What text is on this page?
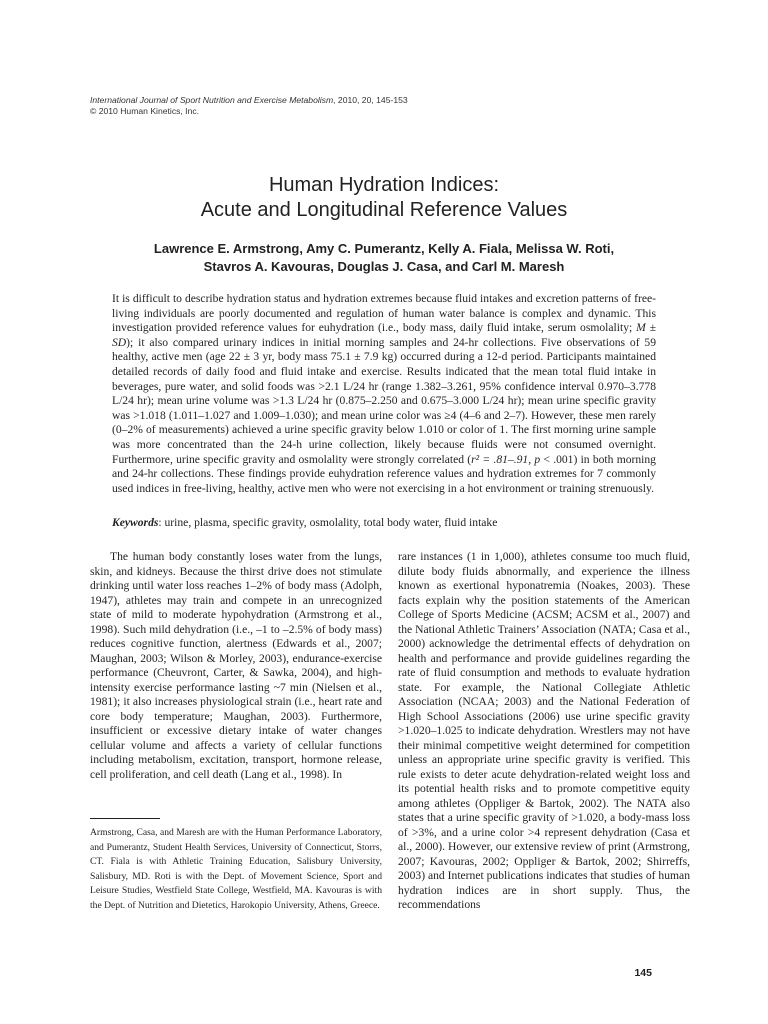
International Journal of Sport Nutrition and Exercise Metabolism, 2010, 20, 145-153
© 2010 Human Kinetics, Inc.
Human Hydration Indices:
Acute and Longitudinal Reference Values
Lawrence E. Armstrong, Amy C. Pumerantz, Kelly A. Fiala, Melissa W. Roti,
Stavros A. Kavouras, Douglas J. Casa, and Carl M. Maresh
It is difficult to describe hydration status and hydration extremes because fluid intakes and excretion patterns of free-living individuals are poorly documented and regulation of human water balance is complex and dynamic. This investigation provided reference values for euhydration (i.e., body mass, daily fluid intake, serum osmolality; M ± SD); it also compared urinary indices in initial morning samples and 24-hr collections. Five observations of 59 healthy, active men (age 22 ± 3 yr, body mass 75.1 ± 7.9 kg) occurred during a 12-d period. Participants maintained detailed records of daily food and fluid intake and exercise. Results indicated that the mean total fluid intake in beverages, pure water, and solid foods was >2.1 L/24 hr (range 1.382–3.261, 95% confidence interval 0.970–3.778 L/24 hr); mean urine volume was >1.3 L/24 hr (0.875–2.250 and 0.675–3.000 L/24 hr); mean urine specific gravity was >1.018 (1.011–1.027 and 1.009–1.030); and mean urine color was ≥4 (4–6 and 2–7). However, these men rarely (0–2% of measurements) achieved a urine specific gravity below 1.010 or color of 1. The first morning urine sample was more concentrated than the 24-h urine collection, likely because fluids were not consumed overnight. Furthermore, urine specific gravity and osmolality were strongly correlated (r² = .81–.91, p < .001) in both morning and 24-hr collections. These findings provide euhydration reference values and hydration extremes for 7 commonly used indices in free-living, healthy, active men who were not exercising in a hot environment or training strenuously.
Keywords: urine, plasma, specific gravity, osmolality, total body water, fluid intake

The human body constantly loses water from the lungs, skin, and kidneys. Because the thirst drive does not stimulate drinking until water loss reaches 1–2% of body mass (Adolph, 1947), athletes may train and compete in an unrecognized state of mild to moderate hypohydration (Armstrong et al., 1998). Such mild dehydration (i.e., –1 to –2.5% of body mass) reduces cognitive function, alertness (Edwards et al., 2007; Maughan, 2003; Wilson & Morley, 2003), endurance-exercise performance (Cheuvront, Carter, & Sawka, 2004), and high-intensity exercise performance lasting ~7 min (Nielsen et al., 1981); it also increases physiological strain (i.e., heart rate and core body temperature; Maughan, 2003). Furthermore, insufficient or excessive dietary intake of water changes cellular volume and affects a variety of cellular functions including metabolism, excitation, transport, hormone release, cell proliferation, and cell death (Lang et al., 1998). In

rare instances (1 in 1,000), athletes consume too much fluid, dilute body fluids abnormally, and experience the illness known as exertional hyponatremia (Noakes, 2003). These facts explain why the position statements of the American College of Sports Medicine (ACSM; ACSM et al., 2007) and the National Athletic Trainers’ Association (NATA; Casa et al., 2000) acknowledge the detrimental effects of dehydration on health and performance and provide guidelines regarding the rate of fluid consumption and methods to evaluate hydration state. For example, the National Collegiate Athletic Association (NCAA; 2003) and the National Federation of High School Associations (2006) use urine specific gravity >1.020–1.025 to indicate dehydration. Wrestlers may not have their minimal competitive weight determined for competition unless an appropriate urine specific gravity is verified. This rule exists to deter acute dehydration-related weight loss and its potential health risks and to promote competitive equity among athletes (Oppliger & Bartok, 2002). The NATA also states that a urine specific gravity of >1.020, a body-mass loss of >3%, and a urine color >4 represent dehydration (Casa et al., 2000). However, our extensive review of print (Armstrong, 2007; Kavouras, 2002; Oppliger & Bartok, 2002; Shirreffs, 2003) and Internet publications indicates that studies of human hydration indices are in short supply. Thus, the recommendations

Armstrong, Casa, and Maresh are with the Human Performance Laboratory, and Pumerantz, Student Health Services, University of Connecticut, Storrs, CT. Fiala is with Athletic Training Education, Salisbury University, Salisbury, MD. Roti is with the Dept. of Movement Science, Sport and Leisure Studies, Westfield State College, Westfield, MA. Kavouras is with the Dept. of Nutrition and Dietetics, Harokopio University, Athens, Greece.
145
